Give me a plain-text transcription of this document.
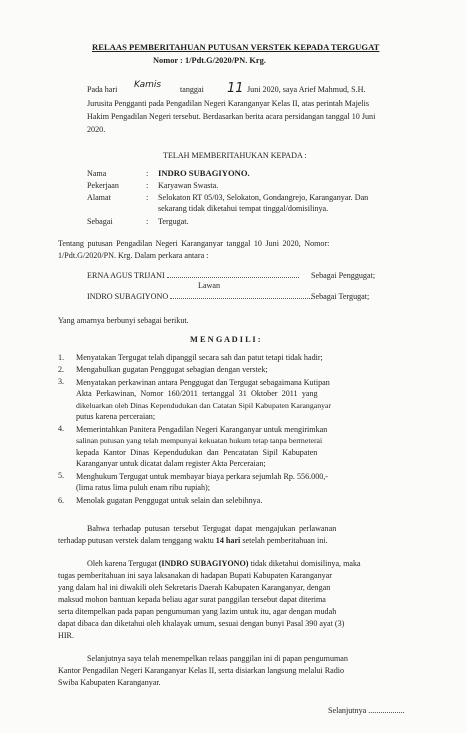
RELAAS PEMBERITAHUAN PUTUSAN VERSTEK KEPADA TERGUGAT
Nomor : 1/Pdt.G/2020/PN. Krg.
Pada hari Kamis tanggai 11 Juni 2020, saya Arief Mahmud, S.H.
Jurusita Pengganti pada Pengadilan Negeri Karanganyar Kelas II, atas perintah Majelis
Hakim Pengadilan Negeri tersebut. Berdasarkan berita acara persidangan tanggal 10 Juni
2020.
TELAH MEMBERITAHUKAN KEPADA :
Nama	: INDRO SUBAGIYONO.
Pekerjaan	: Karyawan Swasta.
Alamat	: Selokaton RT 05/03, Selokaton, Gondangrejo, Karanganyar. Dan
sekarang tidak diketahui tempat tinggal/domisilinya.
Sebagai	: Tergugat.
Tentang putusan Pengadilan Negeri Karanganyar tanggal 10 Juni 2020, Nomor:
1/Pdt.G/2020/PN. Krg. Dalam perkara antara :
ERNA AGUS TRIJANI	Sebagai Penggugat;
Lawan
INDRO SUBAGIYONO	Sebagai Tergugat;
Yang amarnya berbunyi sebagai berikut.
M E N G A D I L I :
1. Menyatakan Tergugat telah dipanggil secara sah dan patut tetapi tidak hadir;
2. Mengabulkan gugatan Penggugat sebagian dengan verstek;
3. Menyatakan perkawinan antara Penggugat dan Tergugat sebagaimana Kutipan
Akta Perkawinan, Nomor 160/2011 tertanggal 31 Oktober 2011 yang
dikeluarkan oleh Dinas Kependudukan dan Catatan Sipil Kabupaten Karanganyar
putus karena perceraian;
4. Memerintahkan Panitera Pengadilan Negeri Karanganyar untuk mengirimkan
salinan putusan yang telah mempunyai kekuatan hukum tetap tanpa bermeterai
kepada Kantor Dinas Kependudukan dan Pencatatan Sipil Kabupaten
Karanganyar untuk dicatat dalam register Akta Perceraian;
5. Menghukum Tergugat untuk membayar biaya perkara sejumlah Rp. 556.000,-
(lima ratus lima puluh enam ribu rupiah);
6. Menolak gugatan Penggugat untuk selain dan selebihnya.
Bahwa terhadap putusan tersebut Tergugat dapat mengajukan perlawanan
terhadap putusan verstek dalam tenggang waktu 14 hari setelah pemberitahuan ini.
Oleh karena Tergugat (INDRO SUBAGIYONO) tidak diketahui domisilinya, maka
tugas pemberitahuan ini saya laksanakan di hadapan Bupati Kabupaten Karanganyar
yang dalam hal ini diwakili oleh Sekretaris Daerah Kabupaten Karanganyar, dengan
maksud mohon bantuan kepada beliau agar surat panggilan tersebut dapat diterima
serta ditempelkan pada papan pengumuman yang lazim untuk itu, agar dengan mudah
dapat dibaca dan diketahui oleh khalayak umum, sesuai dengan bunyi Pasal 390 ayat (3)
HIR.
Selanjutnya saya telah menempelkan relaas panggilan ini di papan pengumuman
Kantor Pengadilan Negeri Karanganyar Kelas II, serta disiarkan langsung melalui Radio
Swiba Kabupaten Karanganyar.
Selanjutnya ..................
